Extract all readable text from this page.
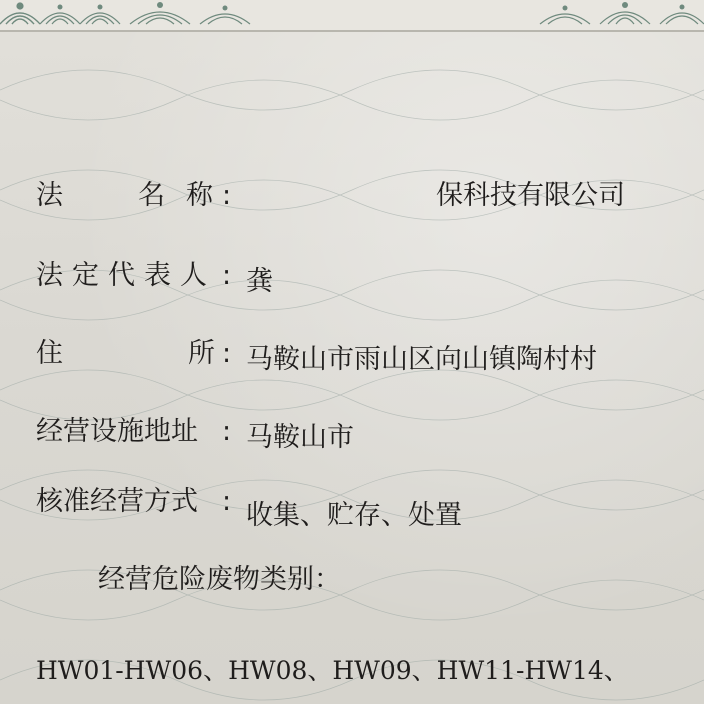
法	名 称 :	保科技有限公司
法定代表人 : 龚
住	所 : 马鞍山市雨山区向山镇陶村村
经营设施地址 : 马鞍山市
核准经营方式 : 收集、贮存、处置
经营危险废物类别：
HW01-HW06、HW08、HW09、HW11-HW14、
